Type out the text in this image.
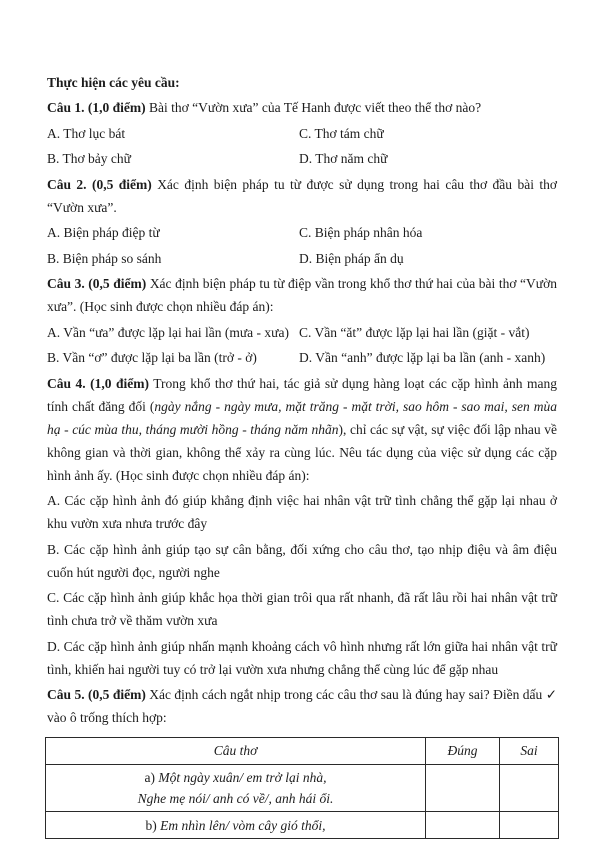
Thực hiện các yêu cầu:

Câu 1. (1,0 điểm) Bài thơ “Vườn xưa” của Tế Hanh được viết theo thể thơ nào?

A. Thơ lục bát	C. Thơ tám chữ
B. Thơ bảy chữ	D. Thơ năm chữ

Câu 2. (0,5 điểm) Xác định biện pháp tu từ được sử dụng trong hai câu thơ đầu bài thơ “Vườn xưa”.

A. Biện pháp điệp từ	C. Biện pháp nhân hóa
B. Biện pháp so sánh	D. Biện pháp ẩn dụ

Câu 3. (0,5 điểm) Xác định biện pháp tu từ điệp vần trong khổ thơ thứ hai của bài thơ “Vườn xưa”. (Học sinh được chọn nhiều đáp án):

A. Vần “ưa” được lặp lại hai lần (mưa - xưa) C. Vần “ăt” được lặp lại hai lần (giặt - vắt)
B. Vần “ơ” được lặp lại ba lần (trở - ở)	D. Vần “anh” được lặp lại ba lần (anh - xanh)

Câu 4. (1,0 điểm) Trong khổ thơ thứ hai, tác giả sử dụng hàng loạt các cặp hình ảnh mang tính chất đăng đối (ngày nắng - ngày mưa, mặt trăng - mặt trời, sao hôm - sao mai, sen mùa hạ - cúc mùa thu, tháng mười hồng - tháng năm nhãn), chỉ các sự vật, sự việc đối lập nhau về không gian và thời gian, không thể xảy ra cùng lúc. Nêu tác dụng của việc sử dụng các cặp hình ảnh ấy. (Học sinh được chọn nhiều đáp án):

A. Các cặp hình ảnh đó giúp khẳng định việc hai nhân vật trữ tình chẳng thể gặp lại nhau ở khu vườn xưa nhưa trước đây

B. Các cặp hình ảnh giúp tạo sự cân bằng, đối xứng cho câu thơ, tạo nhịp điệu và âm điệu cuốn hút người đọc, người nghe

C. Các cặp hình ảnh giúp khắc họa thời gian trôi qua rất nhanh, đã rất lâu rồi hai nhân vật trữ tình chưa trở về thăm vườn xưa

D. Các cặp hình ảnh giúp nhấn mạnh khoảng cách vô hình nhưng rất lớn giữa hai nhân vật trữ tình, khiến hai người tuy có trở lại vườn xưa nhưng chẳng thể cùng lúc để gặp nhau

Câu 5. (0,5 điểm) Xác định cách ngắt nhịp trong các câu thơ sau là đúng hay sai? Điền dấu ✓ vào ô trống thích hợp:

Câu thơ	Đúng	Sai

a) Một ngày xuân/ em trở lại nhà,
Nghe mẹ nói/ anh có về/, anh hái ổi.		

b) Em nhìn lên/ vòm cây gió thổi,		
